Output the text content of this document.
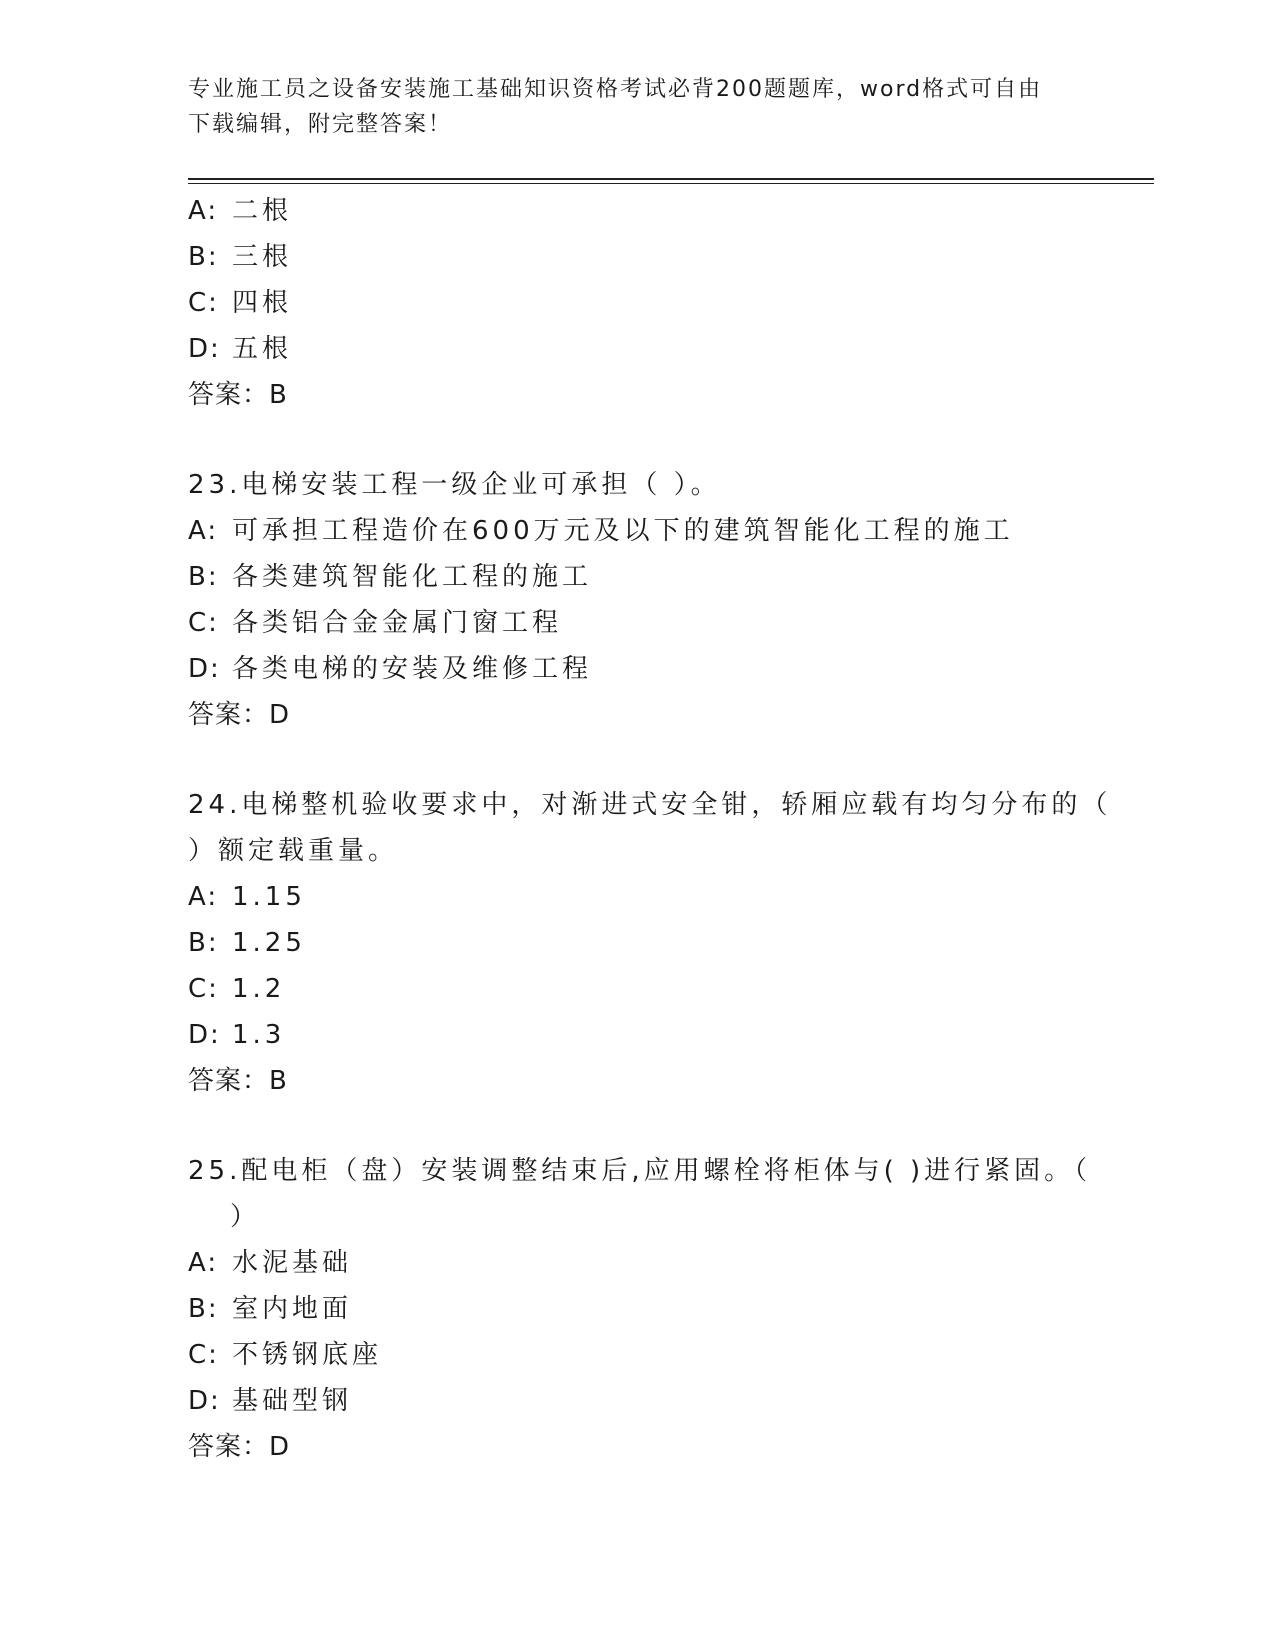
专业施工员之设备安装施工基础知识资格考试必背200题题库，word格式可自由
下载编辑，附完整答案！
A: 二根
B: 三根
C: 四根
D: 五根
答案：B
23.电梯安装工程一级企业可承担（ ）。
A: 可承担工程造价在600万元及以下的建筑智能化工程的施工
B: 各类建筑智能化工程的施工
C: 各类铝合金金属门窗工程
D: 各类电梯的安装及维修工程
答案：D
24.电梯整机验收要求中，对渐进式安全钳，轿厢应载有均匀分布的（
）额定载重量。
A: 1.15
B: 1.25
C: 1.2
D: 1.3
答案：B
25.配电柜（盘）安装调整结束后,应用螺栓将柜体与( )进行紧固。（
）
A: 水泥基础
B: 室内地面
C: 不锈钢底座
D: 基础型钢
答案：D
